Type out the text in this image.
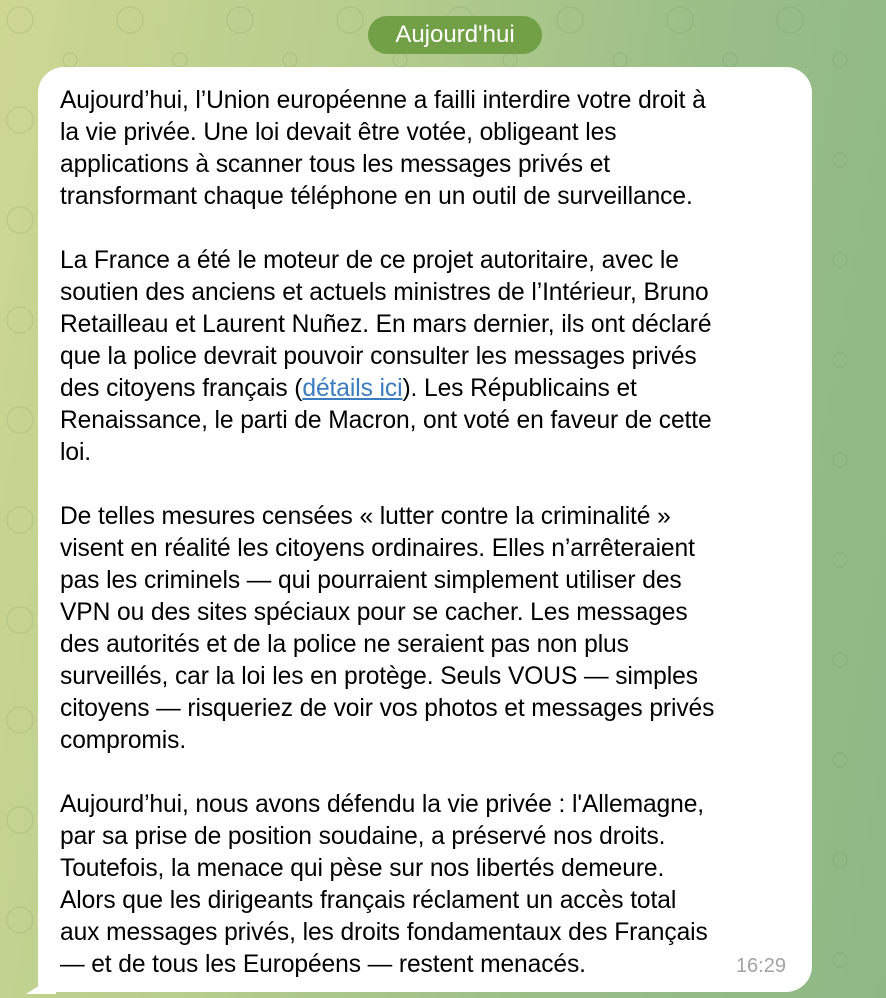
Aujourd'hui
Aujourd’hui, l’Union européenne a failli interdire votre droit à
la vie privée. Une loi devait être votée, obligeant les
applications à scanner tous les messages privés et
transformant chaque téléphone en un outil de surveillance.
La France a été le moteur de ce projet autoritaire, avec le
soutien des anciens et actuels ministres de l’Intérieur, Bruno
Retailleau et Laurent Nuñez. En mars dernier, ils ont déclaré
que la police devrait pouvoir consulter les messages privés
des citoyens français (détails ici). Les Républicains et
Renaissance, le parti de Macron, ont voté en faveur de cette
loi.
De telles mesures censées « lutter contre la criminalité »
visent en réalité les citoyens ordinaires. Elles n’arrêteraient
pas les criminels — qui pourraient simplement utiliser des
VPN ou des sites spéciaux pour se cacher. Les messages
des autorités et de la police ne seraient pas non plus
surveillés, car la loi les en protège. Seuls VOUS — simples
citoyens — risqueriez de voir vos photos et messages privés
compromis.
Aujourd’hui, nous avons défendu la vie privée : l'Allemagne,
par sa prise de position soudaine, a préservé nos droits.
Toutefois, la menace qui pèse sur nos libertés demeure.
Alors que les dirigeants français réclament un accès total
aux messages privés, les droits fondamentaux des Français
— et de tous les Européens — restent menacés.	16:29
